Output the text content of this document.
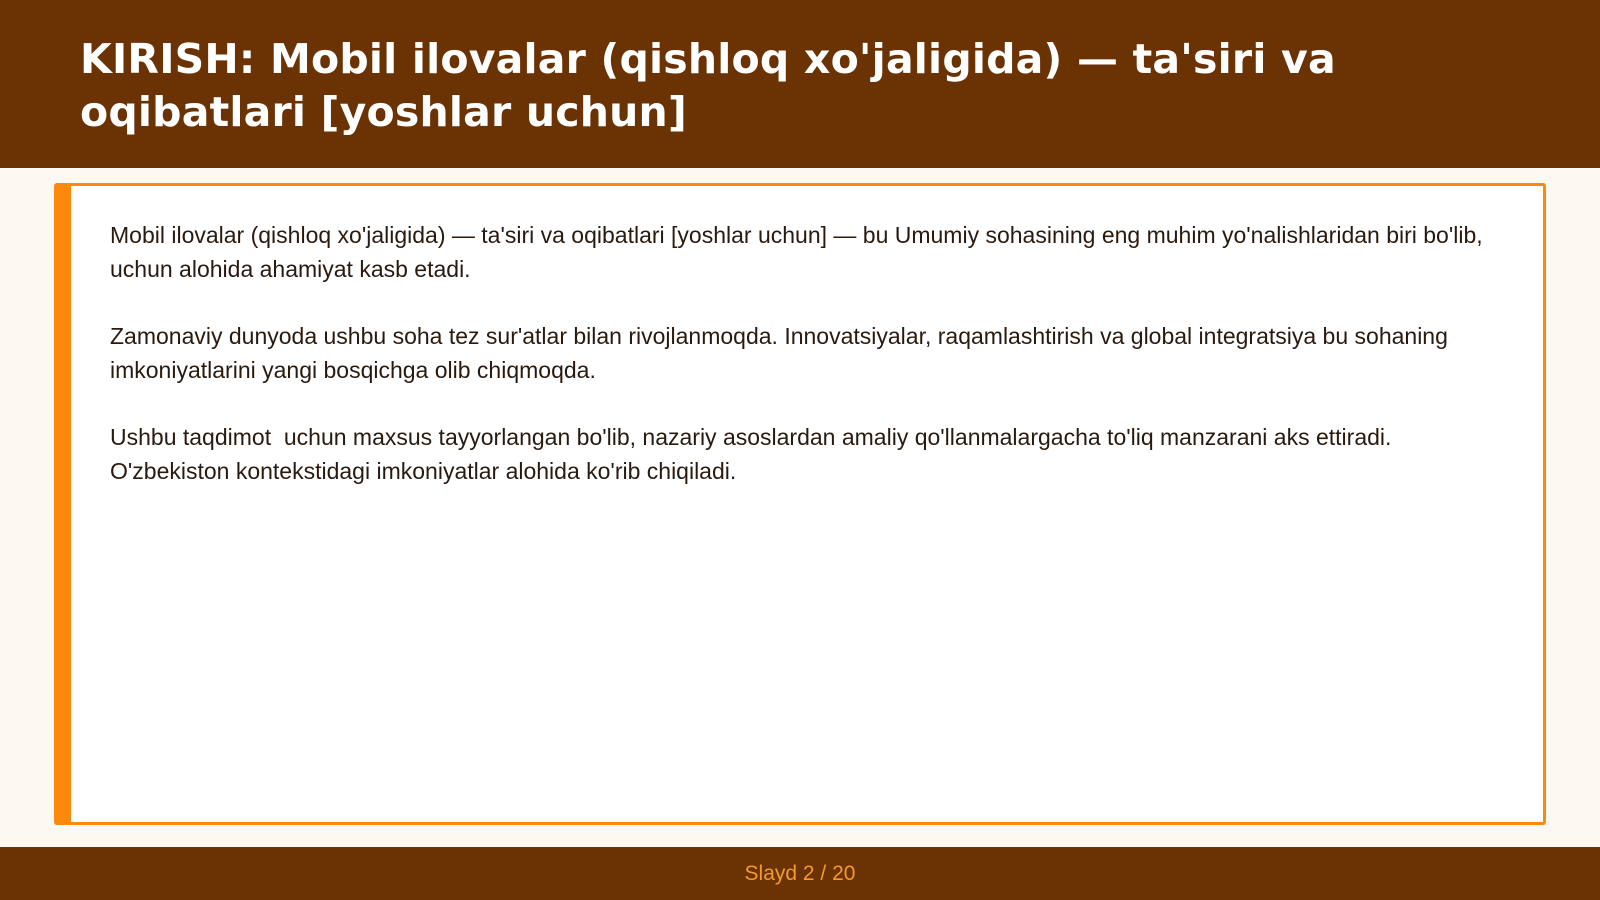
KIRISH: Mobil ilovalar (qishloq xo'jaligida) — ta'siri va oqibatlari [yoshlar uchun]

Mobil ilovalar (qishloq xo'jaligida) — ta'siri va oqibatlari [yoshlar uchun] — bu Umumiy sohasining eng muhim yo'nalishlaridan biri bo'lib,  uchun alohida ahamiyat kasb etadi.

Zamonaviy dunyoda ushbu soha tez sur'atlar bilan rivojlanmoqda. Innovatsiyalar, raqamlashtirish va global integratsiya bu sohaning imkoniyatlarini yangi bosqichga olib chiqmoqda.

Ushbu taqdimot  uchun maxsus tayyorlangan bo'lib, nazariy asoslardan amaliy qo'llanmalargacha to'liq manzarani aks ettiradi. O'zbekiston kontekstidagi imkoniyatlar alohida ko'rib chiqiladi.

Slayd 2 / 20
